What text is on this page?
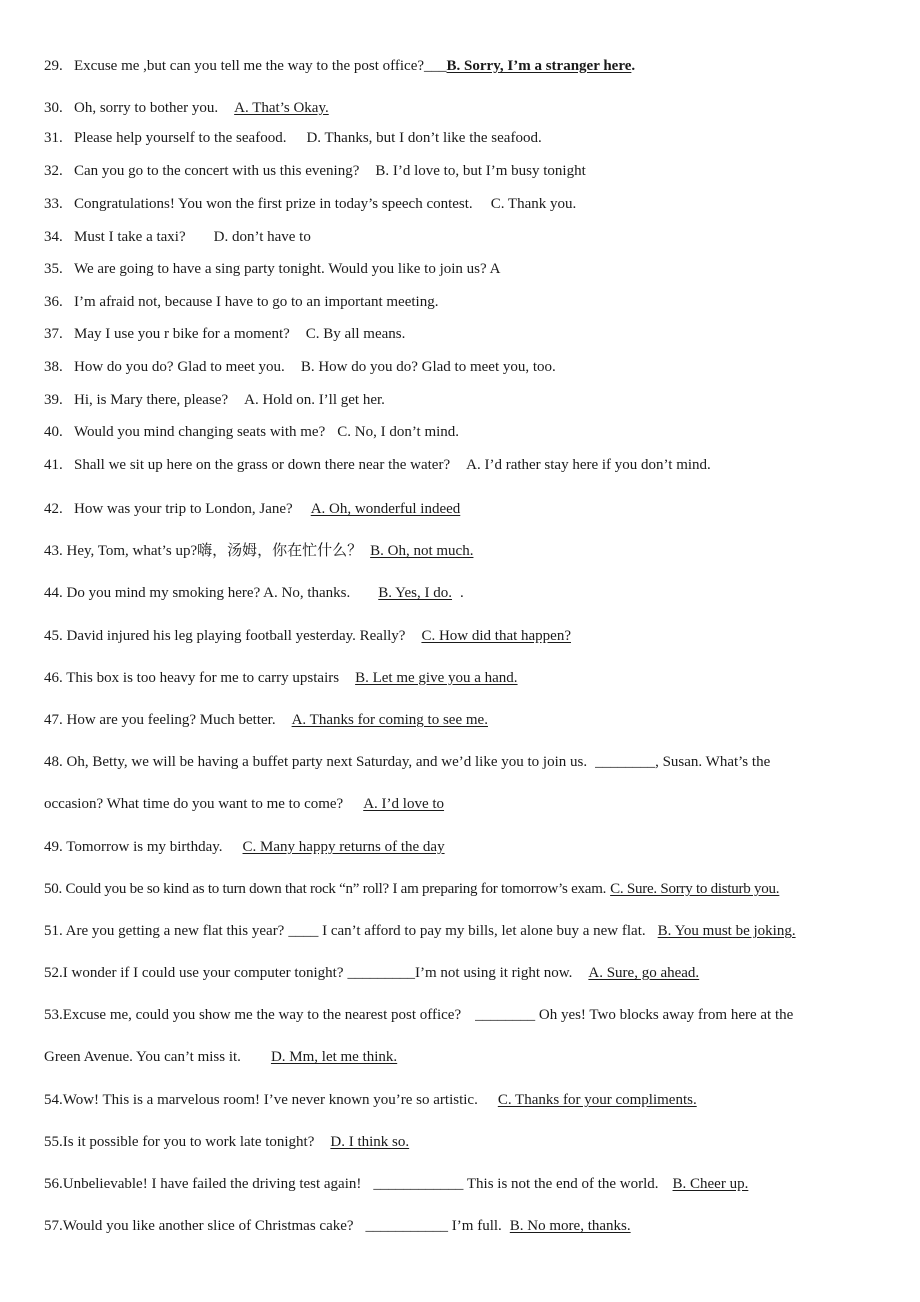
29. Excuse me ,but can you tell me the way to the post office?___B. Sorry, I’m a stranger here.
30. Oh, sorry to bother you. A. That’s Okay.
31. Please help yourself to the seafood. D. Thanks, but I don’t like the seafood.
32. Can you go to the concert with us this evening? B. I’d love to, but I’m busy tonight
33. Congratulations! You won the first prize in today’s speech contest. C. Thank you.
34. Must I take a taxi? D. don’t have to
35. We are going to have a sing party tonight. Would you like to join us? A
36. I’m afraid not, because I have to go to an important meeting.
37. May I use you r bike for a moment? C. By all means.
38. How do you do? Glad to meet you. B. How do you do? Glad to meet you, too.
39. Hi, is Mary there, please? A. Hold on. I’ll get her.
40. Would you mind changing seats with me? C. No, I don’t mind.
41. Shall we sit up here on the grass or down there near the water? A. I’d rather stay here if you don’t mind.
42. How was your trip to London, Jane? A. Oh, wonderful indeed
43. Hey, Tom, what’s up?嗨，汤姆，你在忙什么？ B. Oh, not much.
44. Do you mind my smoking here? A. No, thanks. B. Yes, I do. .
45. David injured his leg playing football yesterday. Really? C. How did that happen?
46. This box is too heavy for me to carry upstairs B. Let me give you a hand.
47. How are you feeling? Much better. A. Thanks for coming to see me.
48. Oh, Betty, we will be having a buffet party next Saturday, and we’d like you to join us. ________, Susan. What’s the
occasion? What time do you want to me to come? A. I’d love to
49. Tomorrow is my birthday. C. Many happy returns of the day
50. Could you be so kind as to turn down that rock “n” roll? I am preparing for tomorrow’s exam. C. Sure. Sorry to disturb you.
51. Are you getting a new flat this year? ____ I can’t afford to pay my bills, let alone buy a new flat. B. You must be joking.
52.I wonder if I could use your computer tonight? _________I’m not using it right now. A. Sure, go ahead.
53.Excuse me, could you show me the way to the nearest post office? ________ Oh yes! Two blocks away from here at the
Green Avenue. You can’t miss it. D. Mm, let me think.
54.Wow! This is a marvelous room! I’ve never known you’re so artistic. C. Thanks for your compliments.
55.Is it possible for you to work late tonight? D. I think so.
56.Unbelievable! I have failed the driving test again! ____________ This is not the end of the world. B. Cheer up.
57.Would you like another slice of Christmas cake? ___________ I’m full. B. No more, thanks.
